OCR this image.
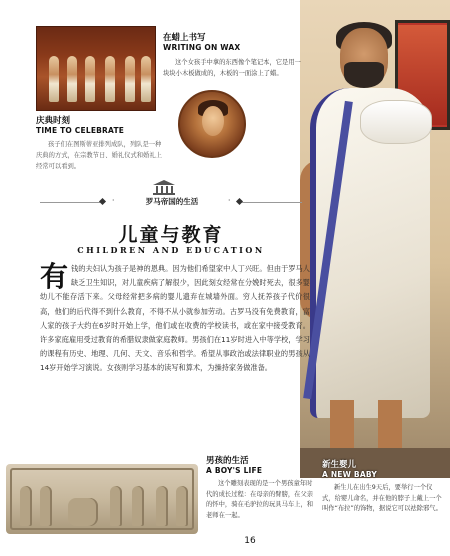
在蜡上书写
WRITING ON WAX
这个女孩手中拿的东西像个笔记本，它是用一块块小木板做成的，木板的一面涂上了蜡。
庆典时刻
TIME TO CELEBRATE
孩子们在图斯蒂亚排列成队，列队是一种庆典的方式，在宗教节日、婚礼仪式和婚礼上经常可以看到。
·	罗马帝国的生活	·
儿童与教育
CHILDREN AND EDUCATION
有 钱的夫妇认为孩子是神的恩典。因为他们希望家中人丁兴旺。但由于罗马人缺乏卫生知识，对儿童疾病了解很少，因此刻女经常在分娩时死去，很多婴幼儿不能存活下来。父母经常把多病的婴儿遗弃在城墙外面。穷人抚养孩子代价很高，他们的后代得不到什么教育，不得不从小就参加劳动。古罗马没有免费教育，富人家的孩子大约在6岁时开始上学，他们或在收费的学校读书，或在家中接受教育。许多家庭雇用受过教育的希腊奴隶做家庭教师。男孩们在11岁时进入中等学校，学习的课程有历史、地理、几何、天文、音乐和哲学。希望从事政治或法律职业的男孩从14岁开始学习演说。女孩则学习基本的读写和算术，为操持家务做准备。
男孩的生活
A BOY'S LIFE
这个雕刻表现的是一个男孩童年时代的成长过程：在母亲的臂膀，在父亲的怀中，骑在毛驴拉的玩具马车上，和老师在一起。
新生婴儿
A NEW BABY
新生儿在出生9天后，要举行一个仪式，给婴儿命名，并在他的脖子上戴上一个叫作“布拉”的饰物，据说它可以祛除邪气。
16
